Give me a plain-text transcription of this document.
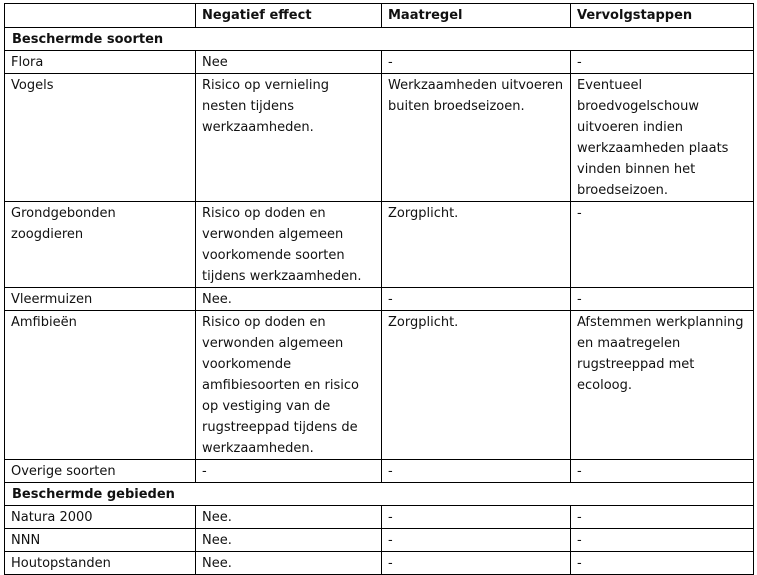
	Negatief effect	Maatregel	Vervolgstappen
Beschermde soorten			
Flora	Nee	-	-
Vogels	Risico op vernieling nesten tijdens werkzaamheden.	Werkzaamheden uitvoeren buiten broedseizoen.	Eventueel broedvogelschouw uitvoeren indien werkzaamheden plaats vinden binnen het broedseizoen.
Grondgebonden zoogdieren	Risico op doden en verwonden algemeen voorkomende soorten tijdens werkzaamheden.	Zorgplicht.	-
Vleermuizen	Nee.	-	-
Amfibieën	Risico op doden en verwonden algemeen voorkomende amfibiesoorten en risico op vestiging van de rugstreeppad tijdens de werkzaamheden.	Zorgplicht.	Afstemmen werkplanning en maatregelen rugstreeppad met ecoloog.
Overige soorten	-	-	-
Beschermde gebieden			
Natura 2000	Nee.	-	-
NNN	Nee.	-	-
Houtopstanden	Nee.	-	-
